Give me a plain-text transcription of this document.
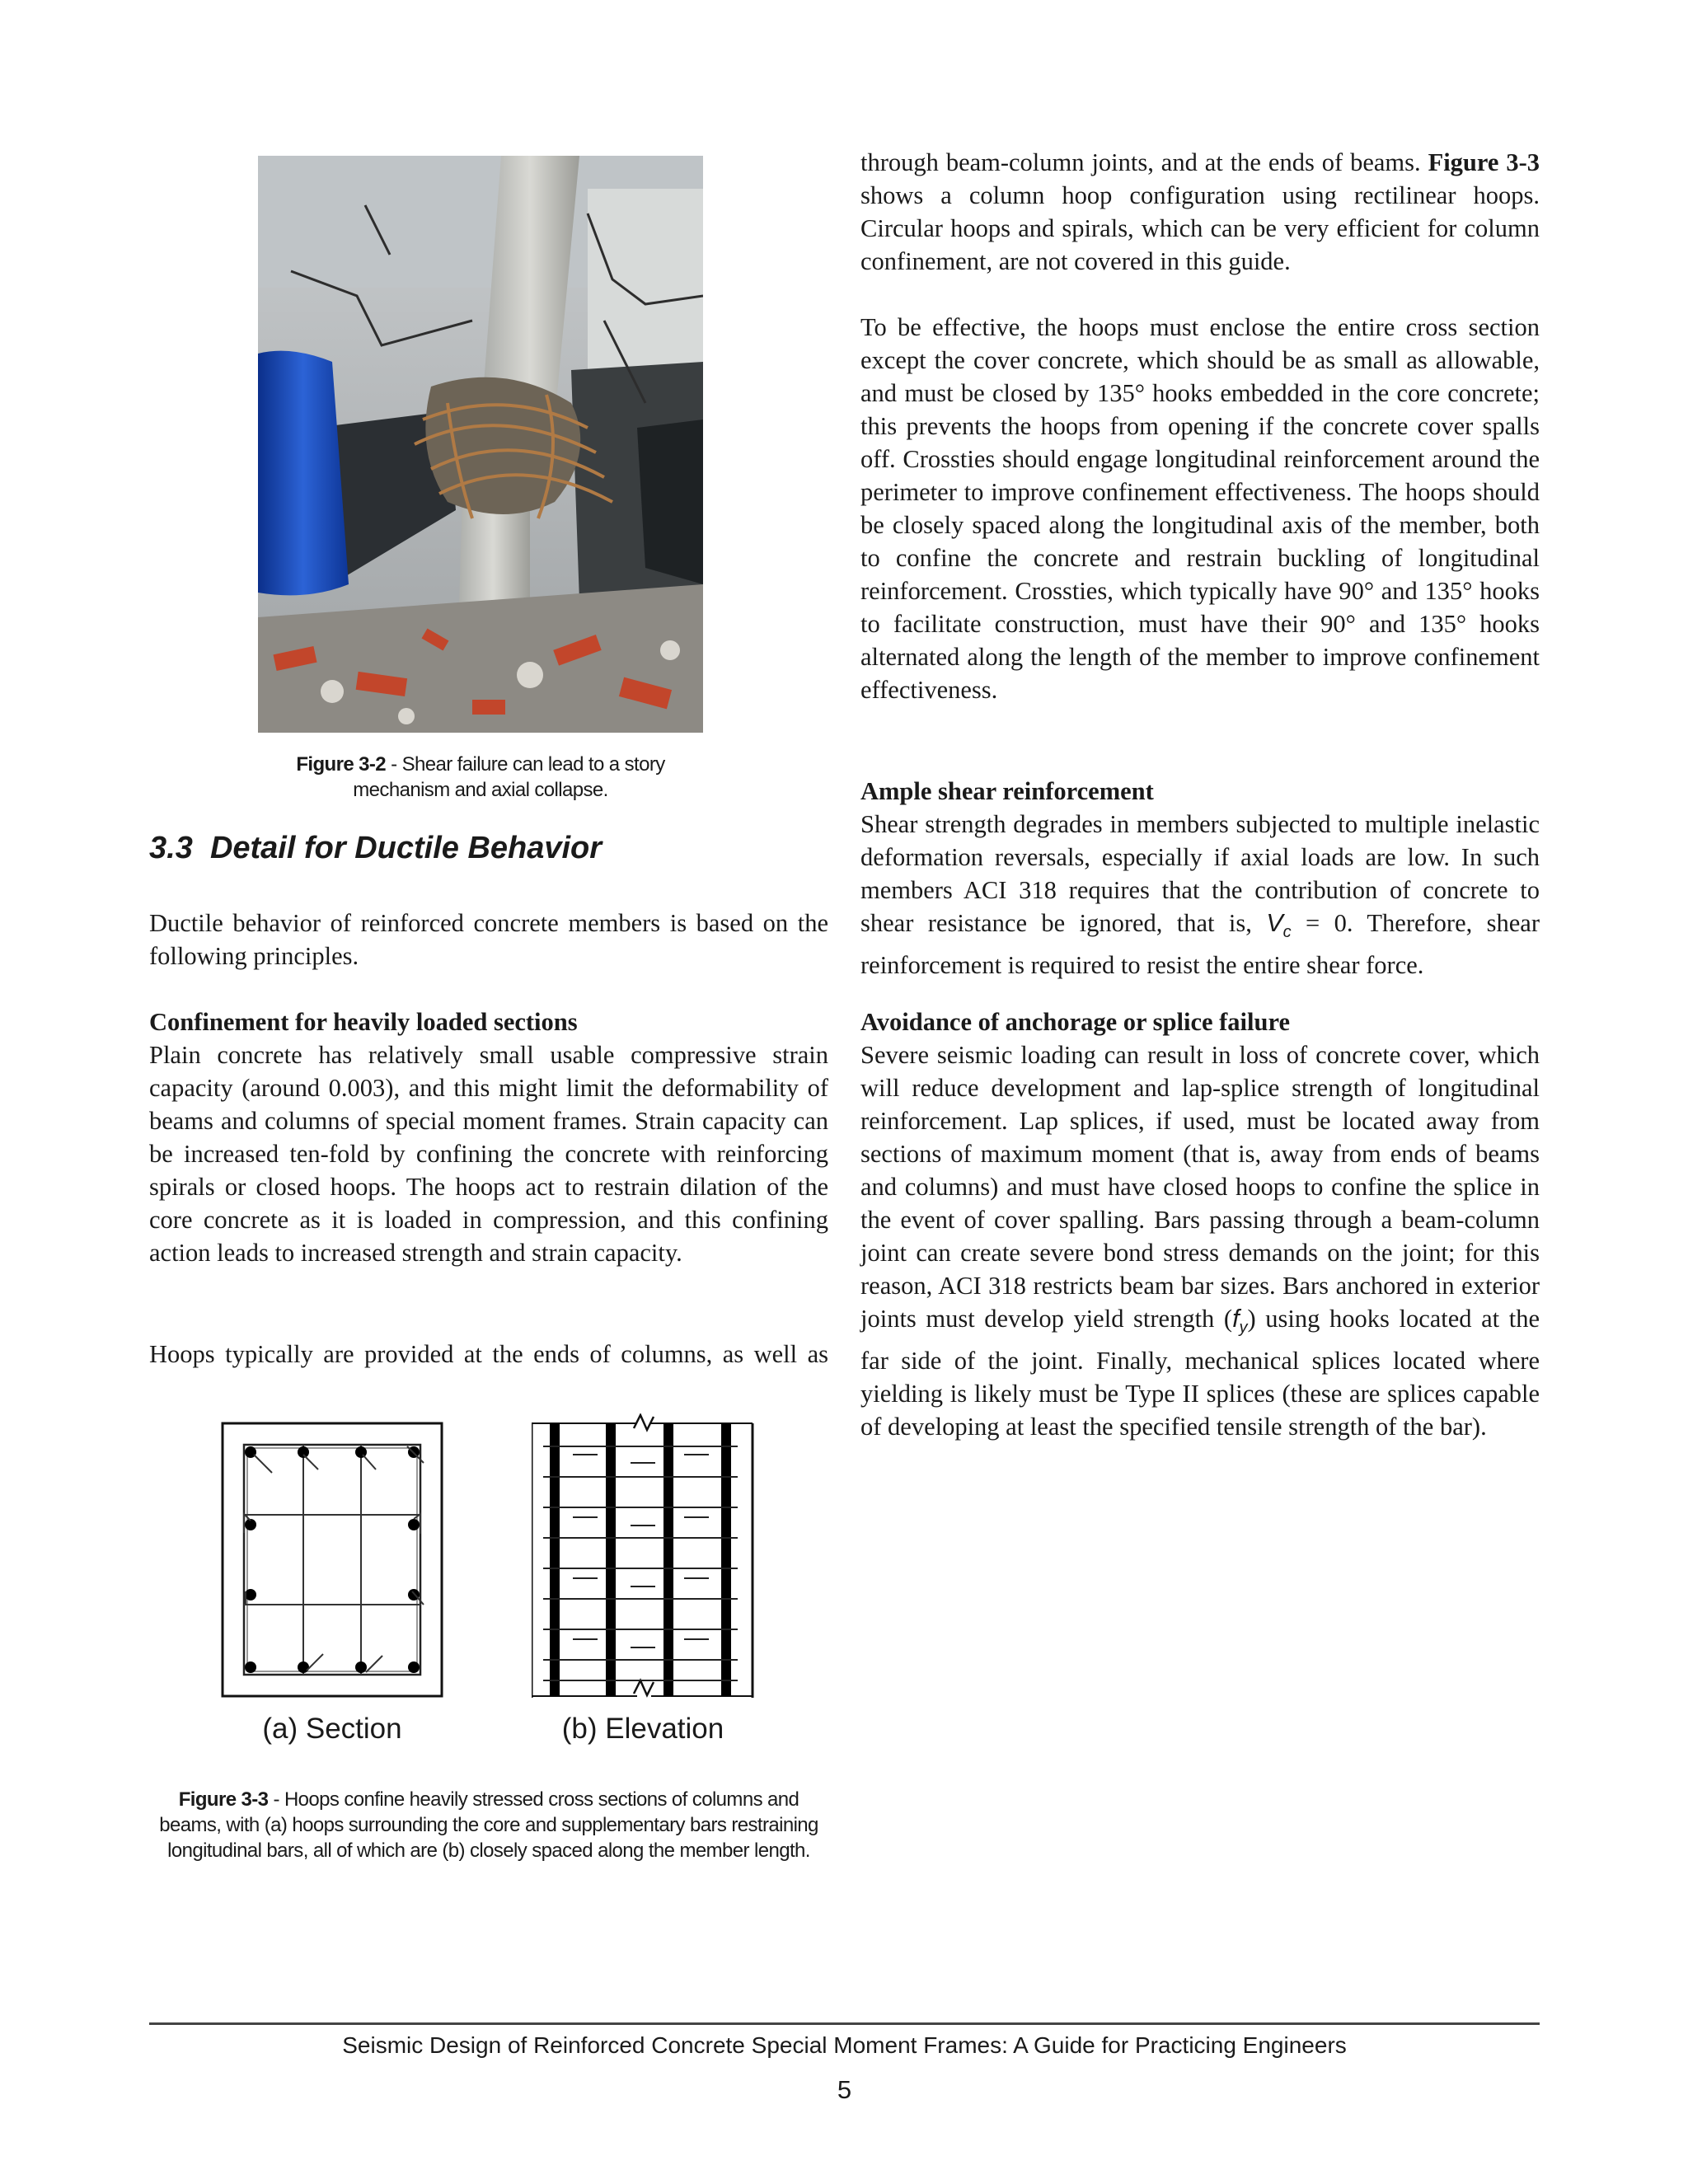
Figure 3-2 - Shear failure can lead to a story mechanism and axial collapse.
3.3  Detail for Ductile Behavior

Ductile behavior of reinforced concrete members is based on the following principles.

Confinement for heavily loaded sections

Plain concrete has relatively small usable compressive strain capacity (around 0.003), and this might limit the deformability of beams and columns of special moment frames. Strain capacity can be increased ten-fold by confining the concrete with reinforcing spirals or closed hoops. The hoops act to restrain dilation of the core concrete as it is loaded in compression, and this confining action leads to increased strength and strain capacity.

Hoops typically are provided at the ends of columns, as well as

(a) Section	(b) Elevation
Figure 3-3 - Hoops confine heavily stressed cross sections of columns and beams, with (a) hoops surrounding the core and supplementary bars restraining longitudinal bars, all of which are (b) closely spaced along the member length.

through beam-column joints, and at the ends of beams. Figure 3-3 shows a column hoop configuration using rectilinear hoops. Circular hoops and spirals, which can be very efficient for column confinement, are not covered in this guide.

To be effective, the hoops must enclose the entire cross section except the cover concrete, which should be as small as allowable, and must be closed by 135° hooks embedded in the core concrete; this prevents the hoops from opening if the concrete cover spalls off. Crossties should engage longitudinal reinforcement around the perimeter to improve confinement effectiveness. The hoops should be closely spaced along the longitudinal axis of the member, both to confine the concrete and restrain buckling of longitudinal reinforcement. Crossties, which typically have 90° and 135° hooks to facilitate construction, must have their 90° and 135° hooks alternated along the length of the member to improve confinement effectiveness.

Ample shear reinforcement

Shear strength degrades in members subjected to multiple inelastic deformation reversals, especially if axial loads are low. In such members ACI 318 requires that the contribution of concrete to shear resistance be ignored, that is, $V_c = 0$. Therefore, shear reinforcement is required to resist the entire shear force.

Avoidance of anchorage or splice failure

Severe seismic loading can result in loss of concrete cover, which will reduce development and lap-splice strength of longitudinal reinforcement. Lap splices, if used, must be located away from sections of maximum moment (that is, away from ends of beams and columns) and must have closed hoops to confine the splice in the event of cover spalling. Bars passing through a beam-column joint can create severe bond stress demands on the joint; for this reason, ACI 318 restricts beam bar sizes. Bars anchored in exterior joints must develop yield strength $(f_y)$ using hooks located at the far side of the joint. Finally, mechanical splices located where yielding is likely must be Type II splices (these are splices capable of developing at least the specified tensile strength of the bar).

Seismic Design of Reinforced Concrete Special Moment Frames: A Guide for Practicing Engineers
5
